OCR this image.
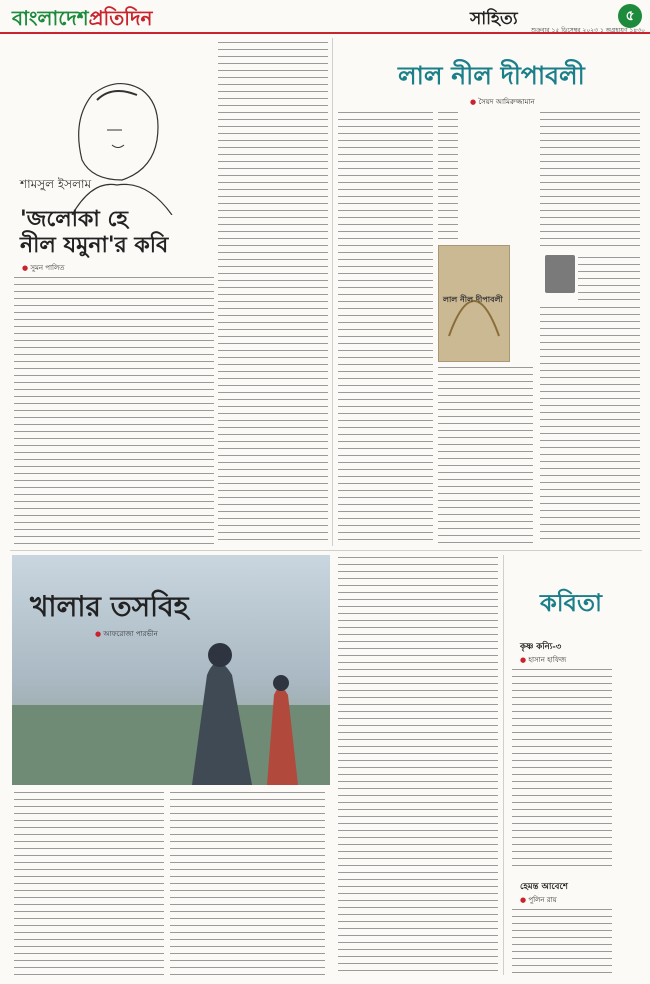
বাংলাদেশপ্রতিদিন	সাহিত্য	৫
শুক্রবার ১৫ ডিসেম্বর ২০২৩ ১ অগ্রহায়ণ ১৪৩০
শামসুল ইসলাম
'জলোকা হে
নীল যমুনা'র কবি
● সুমন পালিত
লাল নীল দীপাবলী
● সৈয়দ আমিরুজ্জামান
লাল নীল দীপাবলী
খালার তসবিহ
● আফরোজা পারভীন
কবিতা
কৃষ্ণ কন্যি-৩
● হাসান হাফিজ
হেমন্ত আবেশে
● পুলিন রায়
